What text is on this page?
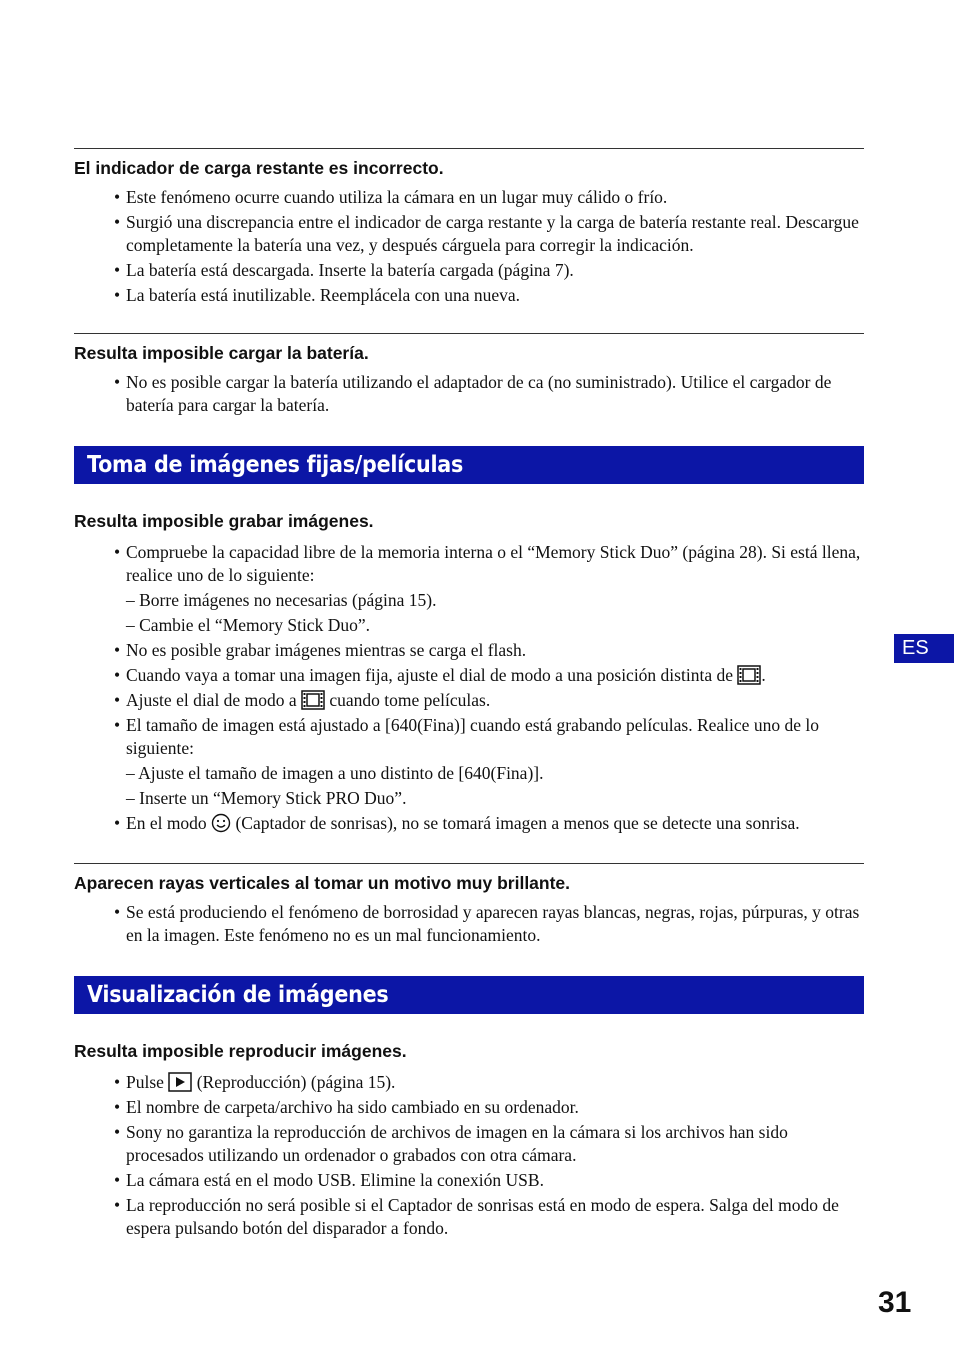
El indicador de carga restante es incorrecto.
• Este fenómeno ocurre cuando utiliza la cámara en un lugar muy cálido o frío.
• Surgió una discrepancia entre el indicador de carga restante y la carga de batería restante real. Descargue completamente la batería una vez, y después cárguela para corregir la indicación.
• La batería está descargada. Inserte la batería cargada (página 7).
• La batería está inutilizable. Reemplácela con una nueva.
Resulta imposible cargar la batería.
• No es posible cargar la batería utilizando el adaptador de ca (no suministrado). Utilice el cargador de batería para cargar la batería.
Toma de imágenes fijas/películas
Resulta imposible grabar imágenes.
• Compruebe la capacidad libre de la memoria interna o el “Memory Stick Duo” (página 28). Si está llena, realice uno de lo siguiente:
– Borre imágenes no necesarias (página 15).
– Cambie el “Memory Stick Duo”.
• No es posible grabar imágenes mientras se carga el flash.
• Cuando vaya a tomar una imagen fija, ajuste el dial de modo a una posición distinta de .
• Ajuste el dial de modo a  cuando tome películas.
• El tamaño de imagen está ajustado a [640(Fina)] cuando está grabando películas. Realice uno de lo siguiente:
– Ajuste el tamaño de imagen a uno distinto de [640(Fina)].
– Inserte un “Memory Stick PRO Duo”.
• En el modo  (Captador de sonrisas), no se tomará imagen a menos que se detecte una sonrisa.
Aparecen rayas verticales al tomar un motivo muy brillante.
• Se está produciendo el fenómeno de borrosidad y aparecen rayas blancas, negras, rojas, púrpuras, y otras en la imagen. Este fenómeno no es un mal funcionamiento.
Visualización de imágenes
Resulta imposible reproducir imágenes.
• Pulse  (Reproducción) (página 15).
• El nombre de carpeta/archivo ha sido cambiado en su ordenador.
• Sony no garantiza la reproducción de archivos de imagen en la cámara si los archivos han sido procesados utilizando un ordenador o grabados con otra cámara.
• La cámara está en el modo USB. Elimine la conexión USB.
• La reproducción no será posible si el Captador de sonrisas está en modo de espera. Salga del modo de espera pulsando botón del disparador a fondo.
ES
31
